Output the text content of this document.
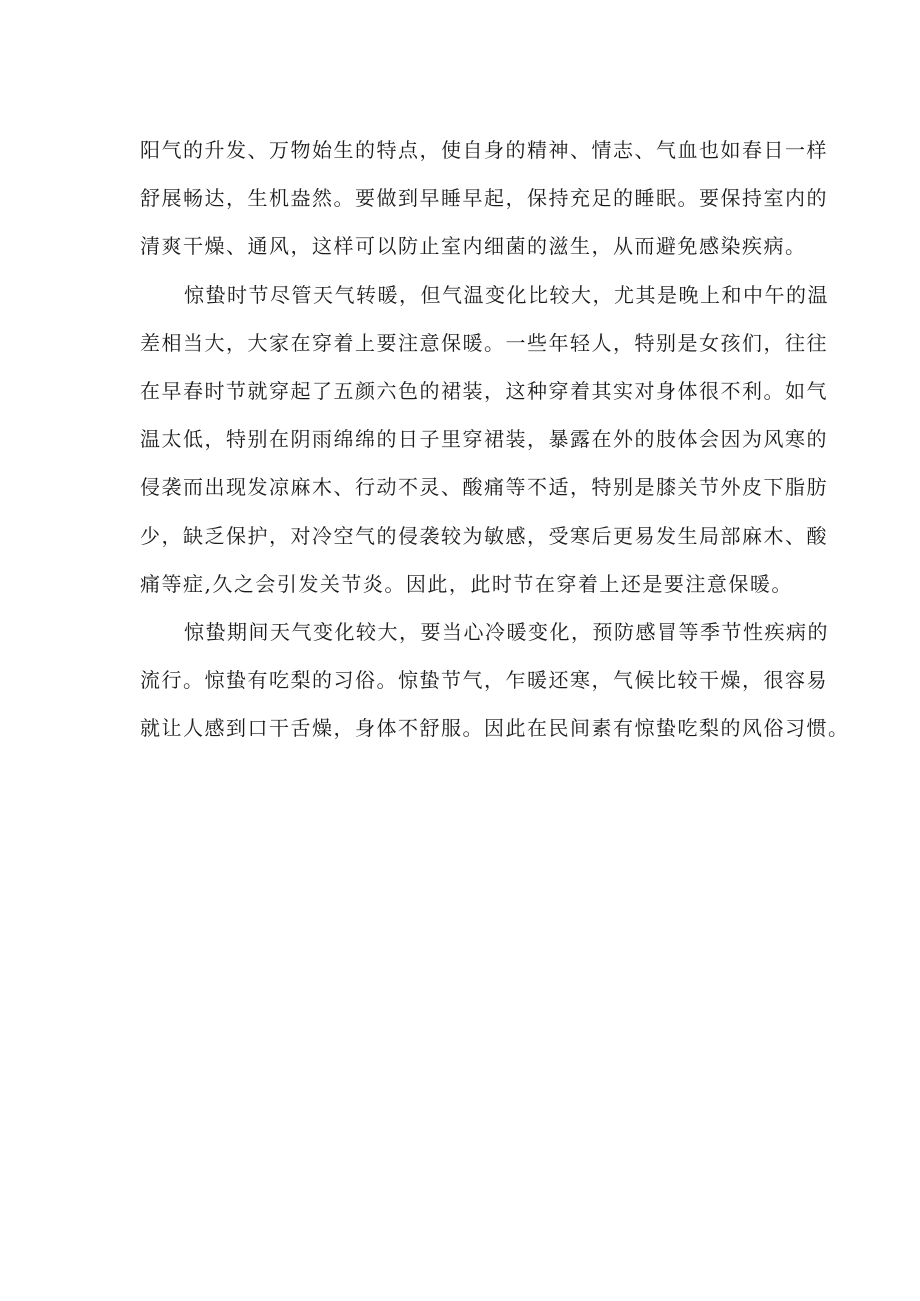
阳气的升发、万物始生的特点，使自身的精神、情志、气血也如春日一样
舒展畅达，生机盎然。要做到早睡早起，保持充足的睡眠。要保持室内的
清爽干燥、通风，这样可以防止室内细菌的滋生，从而避免感染疾病。
惊蛰时节尽管天气转暖，但气温变化比较大，尤其是晚上和中午的温
差相当大，大家在穿着上要注意保暖。一些年轻人，特别是女孩们，往往
在早春时节就穿起了五颜六色的裙装，这种穿着其实对身体很不利。如气
温太低，特别在阴雨绵绵的日子里穿裙装，暴露在外的肢体会因为风寒的
侵袭而出现发凉麻木、行动不灵、酸痛等不适，特别是膝关节外皮下脂肪
少，缺乏保护，对冷空气的侵袭较为敏感，受寒后更易发生局部麻木、酸
痛等症,久之会引发关节炎。因此，此时节在穿着上还是要注意保暖。
惊蛰期间天气变化较大，要当心冷暖变化，预防感冒等季节性疾病的
流行。惊蛰有吃梨的习俗。惊蛰节气，乍暖还寒，气候比较干燥，很容易
就让人感到口干舌燥，身体不舒服。因此在民间素有惊蛰吃梨的风俗习惯。
